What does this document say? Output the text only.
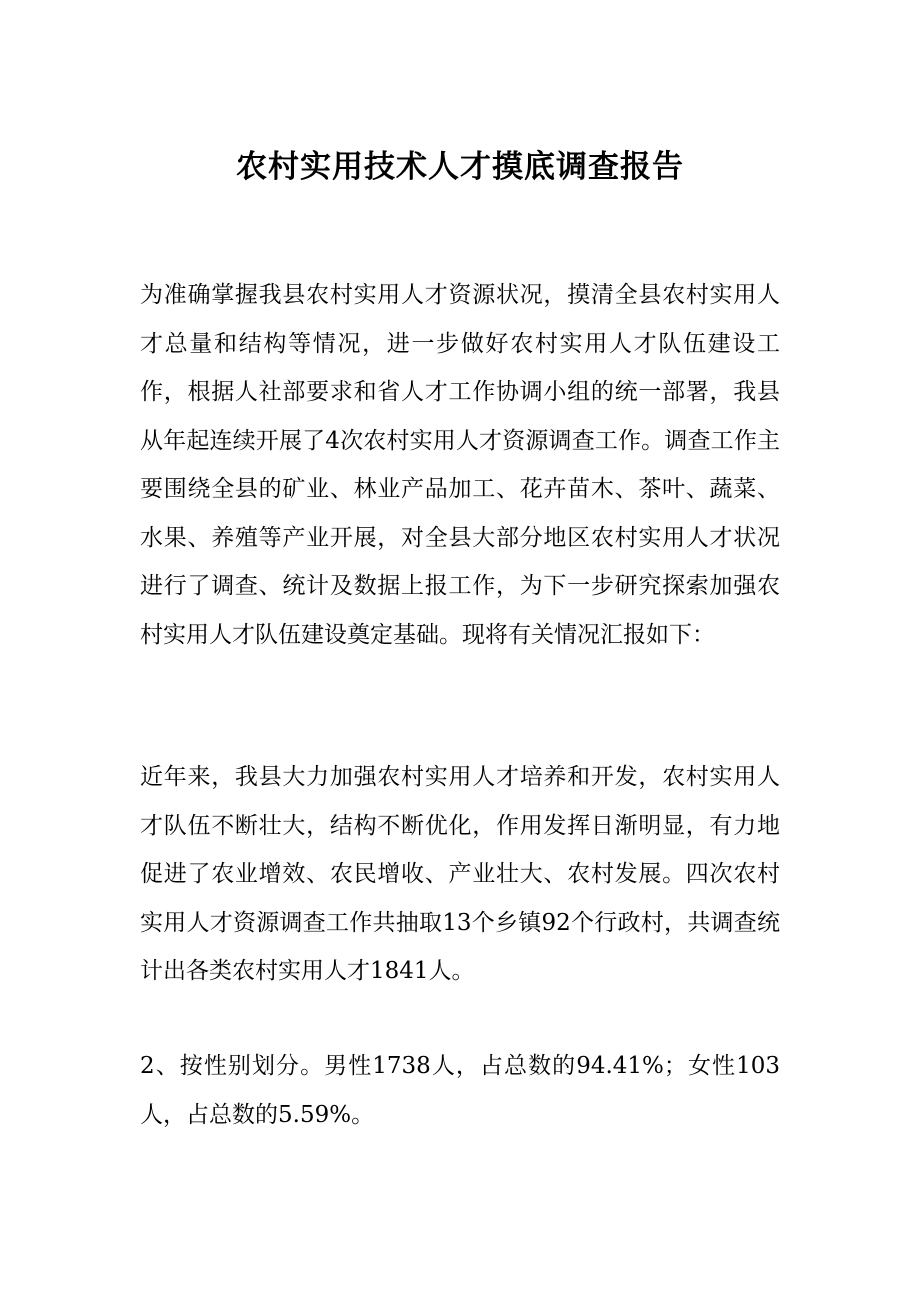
农村实用技术人才摸底调查报告

为准确掌握我县农村实用人才资源状况，摸清全县农村实用人才总量和结构等情况，进一步做好农村实用人才队伍建设工作，根据人社部要求和省人才工作协调小组的统一部署，我县从年起连续开展了4次农村实用人才资源调查工作。调查工作主要围绕全县的矿业、林业产品加工、花卉苗木、茶叶、蔬菜、水果、养殖等产业开展，对全县大部分地区农村实用人才状况进行了调查、统计及数据上报工作，为下一步研究探索加强农村实用人才队伍建设奠定基础。现将有关情况汇报如下：

近年来，我县大力加强农村实用人才培养和开发，农村实用人才队伍不断壮大，结构不断优化，作用发挥日渐明显，有力地促进了农业增效、农民增收、产业壮大、农村发展。四次农村实用人才资源调查工作共抽取13个乡镇92个行政村，共调查统计出各类农村实用人才1841人。

2、按性别划分。男性1738人，占总数的94.41%；女性103人，占总数的5.59%。
